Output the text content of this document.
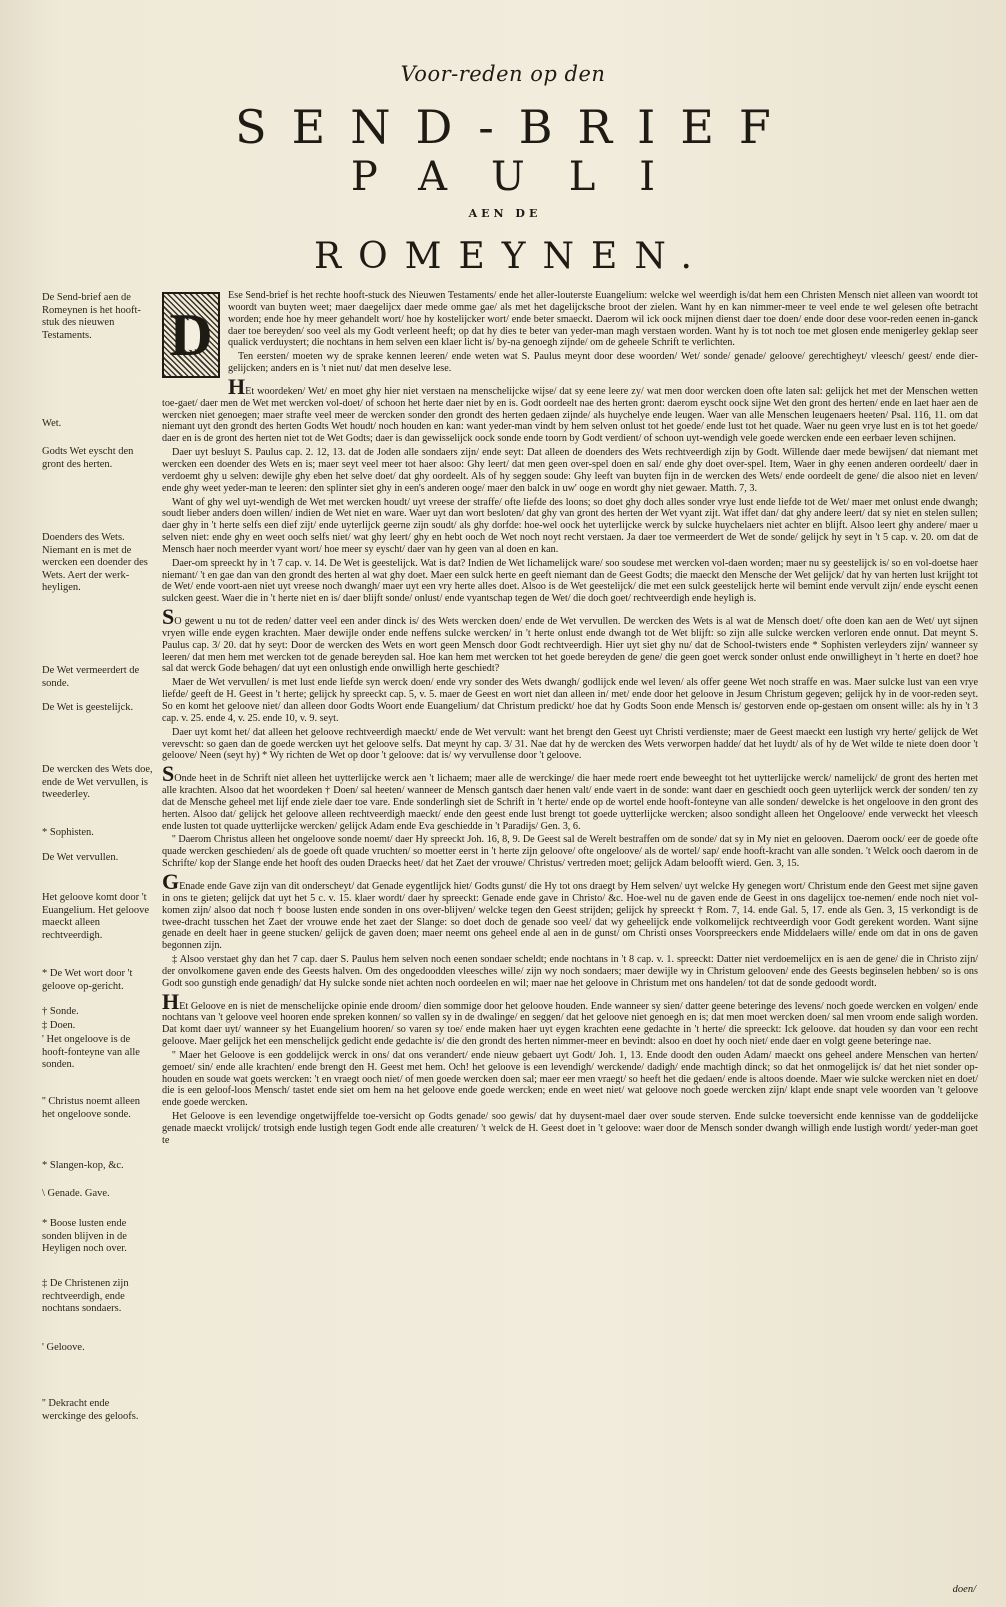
Voor-reden op den
SEND-BRIEF
PAULI
AEN DE
ROMEYNEN.
De Send-brief aen de Romeynen is het hooft-stuk des nieuwen Testaments.
Wet.
Godts Wet eyscht den gront des herten.
Doenders des Wets. Niemant en is met de wercken een doender des Wets. Aert der werk-heyligen.
De Wet vermeerdert de sonde.
De Wet is geestelijck.
De wercken des Wets doe, ende de Wet vervullen, is tweederley.
* Sophisten.
De Wet vervullen.
Het geloove komt door 't Euangelium. Het geloove maeckt alleen rechtveerdigh.
* De Wet wort door 't geloove op-gericht.
† Sonde.
‡ Doen.
' Het ongeloove is de hooft-fonteyne van alle sonden.
'' Christus noemt alleen het ongeloove sonde.
* Slangen-kop, &c.
\ Genade. Gave.
* Boose lusten ende sonden blijven in de Heyligen noch over.
‡ De Christenen zijn rechtveerdigh, ende nochtans sondaers.
' Geloove.
'' Dekracht ende werckinge des geloofs.
D

Ese Send-brief is het rechte hooft-stuck des Nieuwen Testaments/ ende het aller-louterste Euangelium: welcke wel weerdigh is/dat hem een Christen Mensch niet alleen van woordt tot woordt van buyten weet; maer daegelijcx daer mede omme gae/ als met het dagelijcksche broot der zielen. Want hy en kan nimmer-meer te veel ende te wel gelesen ofte betracht worden; ende hoe hy meer gehandelt wort/ hoe hy kostelijcker wort/ ende beter smaeckt. Daerom wil ick oock mijnen dienst daer toe doen/ ende door dese voor-reden eenen in-ganck daer toe bereyden/ soo veel als my Godt verleent heeft; op dat hy dies te beter van yeder-man magh verstaen worden. Want hy is tot noch toe met glosen ende menigerley geklap seer qualick verduystert; die nochtans in hem selven een klaer licht is/ by-na genoegh zijnde/ om de geheele Schrift te verlichten.

Ten eersten/ moeten wy de sprake kennen leeren/ ende weten wat S. Paulus meynt door dese woorden/ Wet/ sonde/ genade/ geloove/ gerechtigheyt/ vleesch/ geest/ ende dier-gelijcken; anders en is 't niet nut/ dat men deselve lese.

HEt woordeken/ Wet/ en moet ghy hier niet verstaen na menschelijcke wijse/ dat sy eene leere zy/ wat men door wercken doen ofte laten sal: gelijck het met der Menschen wetten toe-gaet/ daer men de Wet met wercken vol-doet/ of schoon het herte daer niet by en is. Godt oordeelt nae des herten gront: daerom eyscht oock sijne Wet den gront des herten/ ende en laet haer aen de wercken niet genoegen; maer strafte veel meer de wercken sonder den grondt des herten gedaen zijnde/ als huychelye ende leugen. Waer van alle Menschen leugenaers heeten/ Psal. 116, 11. om dat niemant uyt den grondt des herten Godts Wet houdt/ noch houden en kan: want yeder-man vindt by hem selven onlust tot het goede/ ende lust tot het quade. Waer nu geen vrye lust en is tot het goede/ daer en is de gront des herten niet tot de Wet Godts; daer is dan gewisselijck oock sonde ende toorn by Godt verdient/ of schoon uyt-wendigh vele goede wercken ende een eerbaer leven schijnen.

Daer uyt besluyt S. Paulus cap. 2. 12, 13. dat de Joden alle sondaers zijn/ ende seyt: Dat alleen de doenders des Wets rechtveerdigh zijn by Godt. Willende daer mede bewijsen/ dat niemant met wercken een doender des Wets en is; maer seyt veel meer tot haer alsoo: Ghy leert/ dat men geen over-spel doen en sal/ ende ghy doet over-spel. Item, Waer in ghy eenen anderen oordeelt/ daer in verdoemt ghy u selven: dewijle ghy eben het selve doet/ dat ghy oordeelt. Als of hy seggen soude: Ghy leeft van buyten fijn in de wercken des Wets/ ende oordeelt de gene/ die alsoo niet en leven/ ende ghy weet yeder-man te leeren: den splinter siet ghy in een's anderen ooge/ maer den balck in uw' ooge en wordt ghy niet gewaer. Matth. 7, 3.

Want of ghy wel uyt-wendigh de Wet met wercken houdt/ uyt vreese der straffe/ ofte liefde des loons; so doet ghy doch alles sonder vrye lust ende liefde tot de Wet/ maer met onlust ende dwangh; soudt lieber anders doen willen/ indien de Wet niet en ware. Waer uyt dan wort besloten/ dat ghy van gront des herten der Wet vyant zijt. Wat iffet dan/ dat ghy andere leert/ dat sy niet en stelen sullen; daer ghy in 't herte selfs een dief zijt/ ende uyterlijck geerne zijn soudt/ als ghy dorfde: hoe-wel oock het uyterlijcke werck by sulcke huychelaers niet achter en blijft. Alsoo leert ghy andere/ maer u selven niet: ende ghy en weet ooch selfs niet/ wat ghy leert/ ghy en hebt ooch de Wet noch noyt recht verstaen. Ja daer toe vermeerdert de Wet de sonde/ gelijck hy seyt in 't 5 cap. v. 20. om dat de Mensch haer noch meerder vyant wort/ hoe meer sy eyscht/ daer van hy geen van al doen en kan.

Daer-om spreeckt hy in 't 7 cap. v. 14. De Wet is geestelijck. Wat is dat? Indien de Wet lichamelijck ware/ soo soudese met wercken vol-daen worden; maer nu sy geestelijck is/ so en vol-doetse haer niemant/ 't en gae dan van den grondt des herten al wat ghy doet. Maer een sulck herte en geeft niemant dan de Geest Godts; die maeckt den Mensche der Wet gelijck/ dat hy van herten lust krijght tot de Wet/ ende voort-aen niet uyt vreese noch dwangh/ maer uyt een vry herte alles doet. Alsoo is de Wet geestelijck/ die met een sulck geestelijck herte wil bemint ende vervult zijn/ ende eyscht eenen sulcken geest. Waer die in 't herte niet en is/ daer blijft sonde/ onlust/ ende vyantschap tegen de Wet/ die doch goet/ rechtveerdigh ende heyligh is.

SO gewent u nu tot de reden/ datter veel een ander dinck is/ des Wets wercken doen/ ende de Wet vervullen. De wercken des Wets is al wat de Mensch doet/ ofte doen kan aen de Wet/ uyt sijnen vryen wille ende eygen krachten. Maer dewijle onder ende neffens sulcke wercken/ in 't herte onlust ende dwangh tot de Wet blijft: so zijn alle sulcke wercken verloren ende onnut. Dat meynt S. Paulus cap. 3/ 20. dat hy seyt: Door de wercken des Wets en wort geen Mensch door Godt rechtveerdigh. Hier uyt siet ghy nu/ dat de School-twisters ende * Sophisten verleyders zijn/ wanneer sy leeren/ dat men hem met wercken tot de genade bereyden sal. Hoe kan hem met wercken tot het goede bereyden de gene/ die geen goet werck sonder onlust ende onwilligheyt in 't herte en doet? hoe sal dat werck Gode behagen/ dat uyt een onlustigh ende onwilligh herte geschiedt?

Maer de Wet vervullen/ is met lust ende liefde syn werck doen/ ende vry sonder des Wets dwangh/ godlijck ende wel leven/ als offer geene Wet noch straffe en was. Maer sulcke lust van een vrye liefde/ geeft de H. Geest in 't herte; gelijck hy spreeckt cap. 5, v. 5. maer de Geest en wort niet dan alleen in/ met/ ende door het geloove in Jesum Christum gegeven; gelijck hy in de voor-reden seyt. So en komt het geloove niet/ dan alleen door Godts Woort ende Euangelium/ dat Christum predickt/ hoe dat hy Godts Soon ende Mensch is/ gestorven ende op-gestaen om onsent wille: als hy in 't 3 cap. v. 25. ende 4, v. 25. ende 10, v. 9. seyt.

Daer uyt komt het/ dat alleen het geloove rechtveerdigh maeckt/ ende de Wet vervult: want het brengt den Geest uyt Christi verdienste; maer de Geest maeckt een lustigh vry herte/ gelijck de Wet verevscht: so gaen dan de goede wercken uyt het geloove selfs. Dat meynt hy cap. 3/ 31. Nae dat hy de wercken des Wets verworpen hadde/ dat het luydt/ als of hy de Wet wilde te niete doen door 't geloove/ Neen (seyt hy) * Wy richten de Wet op door 't geloove: dat is/ wy vervullense door 't geloove.

SOnde heet in de Schrift niet alleen het uytterlijcke werck aen 't lichaem; maer alle de werckinge/ die haer mede roert ende beweeght tot het uytterlijcke werck/ namelijck/ de gront des herten met alle krachten. Alsoo dat het woordeken † Doen/ sal heeten/ wanneer de Mensch gantsch daer henen valt/ ende vaert in de sonde: want daer en geschiedt ooch geen uyterlijck werck der sonden/ ten zy dat de Mensche geheel met lijf ende ziele daer toe vare. Ende sonderlingh siet de Schrift in 't herte/ ende op de wortel ende hooft-fonteyne van alle sonden/ dewelcke is het ongeloove in den gront des herten. Alsoo dat/ gelijck het geloove alleen rechtveerdigh maeckt/ ende den geest ende lust brengt tot goede uytterlijcke wercken; alsoo sondight alleen het Ongeloove/ ende verweckt het vleesch ende lusten tot quade uytterlijcke wercken/ gelijck Adam ende Eva geschiedde in 't Paradijs/ Gen. 3, 6.

'' Daerom Christus alleen het ongeloove sonde noemt/ daer Hy spreeckt Joh. 16, 8, 9. De Geest sal de Werelt bestraffen om de sonde/ dat sy in My niet en gelooven. Daerom oock/ eer de goede ofte quade wercken geschieden/ als de goede oft quade vruchten/ so moetter eerst in 't herte zijn geloove/ ofte ongeloove/ als de wortel/ sap/ ende hooft-kracht van alle sonden. 't Welck ooch daerom in de Schrifte/ kop der Slange ende het hooft des ouden Draecks heet/ dat het Zaet der vrouwe/ Christus/ vertreden moet; gelijck Adam beloofft wierd. Gen. 3, 15.

GEnade ende Gave zijn van dit onderscheyt/ dat Genade eygentlijck hiet/ Godts gunst/ die Hy tot ons draegt by Hem selven/ uyt welcke Hy genegen wort/ Christum ende den Geest met sijne gaven in ons te gieten; gelijck dat uyt het 5 c. v. 15. klaer wordt/ daer hy spreeckt: Genade ende gave in Christo/ &c. Hoe-wel nu de gaven ende de Geest in ons dagelijcx toe-nemen/ ende noch niet vol-komen zijn/ alsoo dat noch † boose lusten ende sonden in ons over-blijven/ welcke tegen den Geest strijden; gelijck hy spreeckt † Rom. 7, 14. ende Gal. 5, 17. ende als Gen. 3, 15 verkondigt is de twee-dracht tusschen het Zaet der vrouwe ende het zaet der Slange: so doet doch de genade soo veel/ dat wy geheelijck ende volkomelijck rechtveerdigh voor Godt gerekent worden. Want sijne genade en deelt haer in geene stucken/ gelijck de gaven doen; maer neemt ons geheel ende al aen in de gunst/ om Christi onses Voorspreeckers ende Middelaers wille/ ende om dat in ons de gaven begonnen zijn.

‡ Alsoo verstaet ghy dan het 7 cap. daer S. Paulus hem selven noch eenen sondaer scheldt; ende nochtans in 't 8 cap. v. 1. spreeckt: Datter niet verdoemelijcx en is aen de gene/ die in Christo zijn/ der onvolkomene gaven ende des Geests halven. Om des ongedoodden vleesches wille/ zijn wy noch sondaers; maer dewijle wy in Christum gelooven/ ende des Geests beginselen hebben/ so is ons Godt soo gunstigh ende genadigh/ dat Hy sulcke sonde niet achten noch oordeelen en wil; maer nae het geloove in Christum met ons handelen/ tot dat de sonde gedoodt wordt.

HEt Geloove en is niet de menschelijcke opinie ende droom/ dien sommige door het geloove houden. Ende wanneer sy sien/ datter geene beteringe des levens/ noch goede wercken en volgen/ ende nochtans van 't geloove veel hooren ende spreken konnen/ so vallen sy in de dwalinge/ en seggen/ dat het geloove niet genoegh en is; dat men moet wercken doen/ sal men vroom ende saligh worden. Dat komt daer uyt/ wanneer sy het Euangelium hooren/ so varen sy toe/ ende maken haer uyt eygen krachten eene gedachte in 't herte/ die spreeckt: Ick geloove. dat houden sy dan voor een recht geloove. Maer gelijck het een menschelijck gedicht ende gedachte is/ die den grondt des herten nimmer-meer en bevindt: alsoo en doet hy ooch niet/ ende daer en volgt geene beteringe nae.

'' Maer het Geloove is een goddelijck werck in ons/ dat ons verandert/ ende nieuw gebaert uyt Godt/ Joh. 1, 13. Ende doodt den ouden Adam/ maeckt ons geheel andere Menschen van herten/ gemoet/ sin/ ende alle krachten/ ende brengt den H. Geest met hem. Och! het geloove is een levendigh/ werckende/ dadigh/ ende machtigh dinck; so dat het onmogelijck is/ dat het niet sonder op-houden en soude wat goets wercken: 't en vraegt ooch niet/ of men goede wercken doen sal; maer eer men vraegt/ so heeft het die gedaen/ ende is altoos doende. Maer wie sulcke wercken niet en doet/ die is een geloof-loos Mensch/ tastet ende siet om hem na het geloove ende goede wercken; ende en weet niet/ wat geloove noch goede wercken zijn/ klapt ende snapt vele woorden van 't geloove ende goede wercken.

Het Geloove is een levendige ongetwijffelde toe-versicht op Godts genade/ soo gewis/ dat hy duysent-mael daer over soude sterven. Ende sulcke toeversicht ende kennisse van de goddelijcke genade maeckt vrolijck/ trotsigh ende lustigh tegen Godt ende alle creaturen/ 't welck de H. Geest doet in 't geloove: waer door de Mensch sonder dwangh willigh ende lustigh wordt/ yeder-man goet te

doen/
